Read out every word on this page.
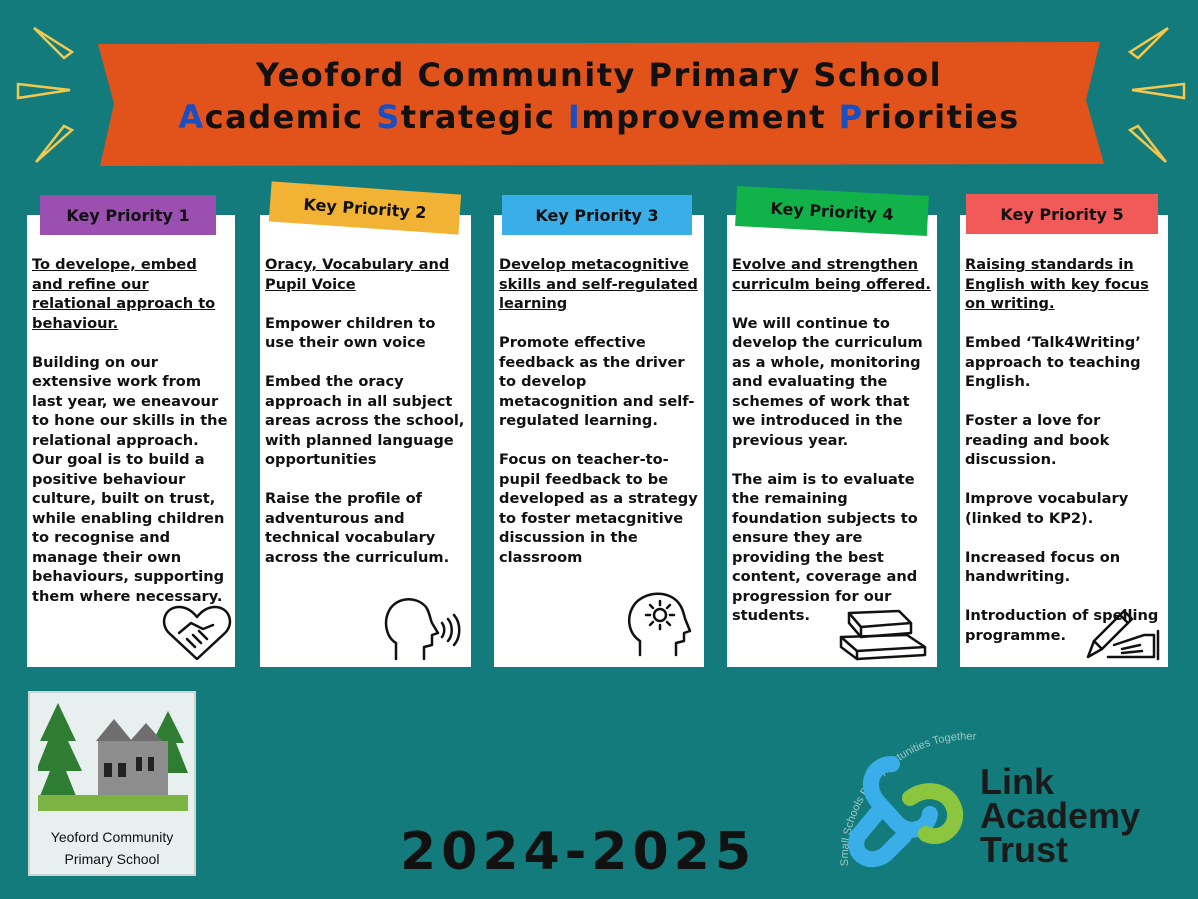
Yeoford Community Primary School
Academic Strategic Improvement Priorities

To develope, embed and refine our relational approach to behaviour.

Building on our extensive work from last year, we eneavour to hone our skills in the relational approach. Our goal is to build a positive behaviour culture, built on trust, while enabling children to recognise and manage their own behaviours, supporting them where necessary.

Key Priority 1

Oracy, Vocabulary and Pupil Voice

Empower children to use their own voice

Embed the oracy approach in all subject areas across the school, with planned language opportunities

Raise the profile of adventurous and technical vocabulary across the curriculum.

Key Priority 2

Develop metacognitive skills and self-regulated learning

Promote effective feedback as the driver to develop metacognition and self-regulated learning.

Focus on teacher-to-pupil feedback to be developed as a strategy to foster metacgnitive discussion in the classroom

Key Priority 3

Evolve and strengthen curriculm being offered.

We will continue to develop the curriculum as a whole, monitoring and evaluating the schemes of work that we introduced in the previous year.

The aim is to evaluate the remaining foundation subjects to ensure they are providing the best content, coverage and progression for our students.

Key Priority 4

Raising standards in English with key focus on writing.

Embed ‘Talk4Writing’ approach to teaching English.

Foster a love for reading and book discussion.

Improve vocabulary (linked to KP2).

Increased focus on handwriting.

Introduction of spelling programme.

Key Priority 5
Yeoford Community
Primary School	2024-2025	Small Schools Big Opportunities Together
Link
Academy
Trust
